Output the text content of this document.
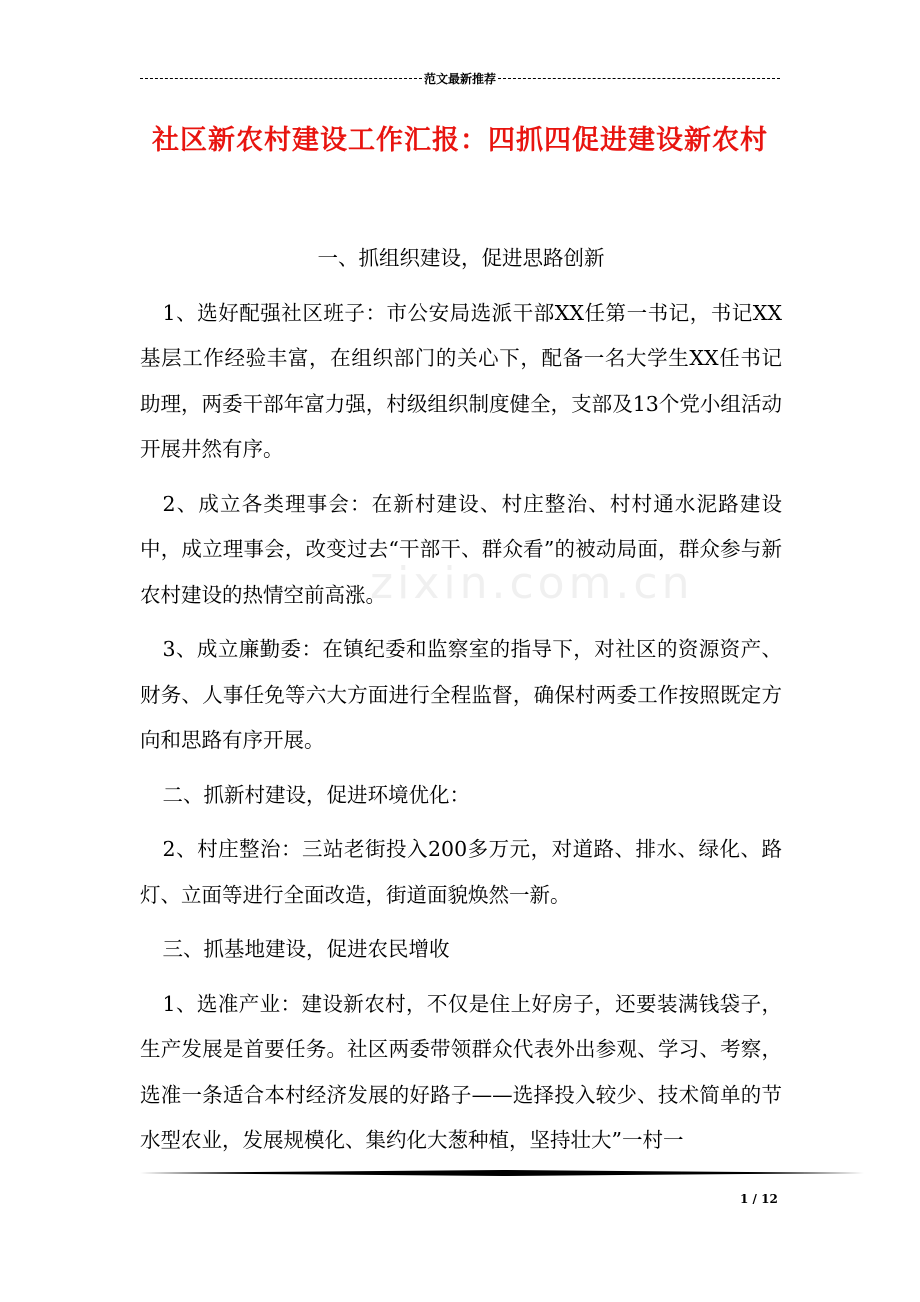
范文最新推荐
社区新农村建设工作汇报：四抓四促进建设新农村
zixin.com.cn

一、抓组织建设，促进思路创新

1、选好配强社区班子：市公安局选派干部XX任第一书记，书记XX基层工作经验丰富，在组织部门的关心下，配备一名大学生XX任书记助理，两委干部年富力强，村级组织制度健全，支部及13个党小组活动开展井然有序。

2、成立各类理事会：在新村建设、村庄整治、村村通水泥路建设中，成立理事会，改变过去“干部干、群众看”的被动局面，群众参与新农村建设的热情空前高涨。

3、成立廉勤委：在镇纪委和监察室的指导下，对社区的资源资产、财务、人事任免等六大方面进行全程监督，确保村两委工作按照既定方向和思路有序开展。

二、抓新村建设，促进环境优化：

2、村庄整治：三站老街投入200多万元，对道路、排水、绿化、路灯、立面等进行全面改造，街道面貌焕然一新。

三、抓基地建设，促进农民增收

1、选准产业：建设新农村，不仅是住上好房子，还要装满钱袋子，生产发展是首要任务。社区两委带领群众代表外出参观、学习、考察，选准一条适合本村经济发展的好路子——选择投入较少、技术简单的节水型农业，发展规模化、集约化大葱种植，坚持壮大”一村一

1 / 12
